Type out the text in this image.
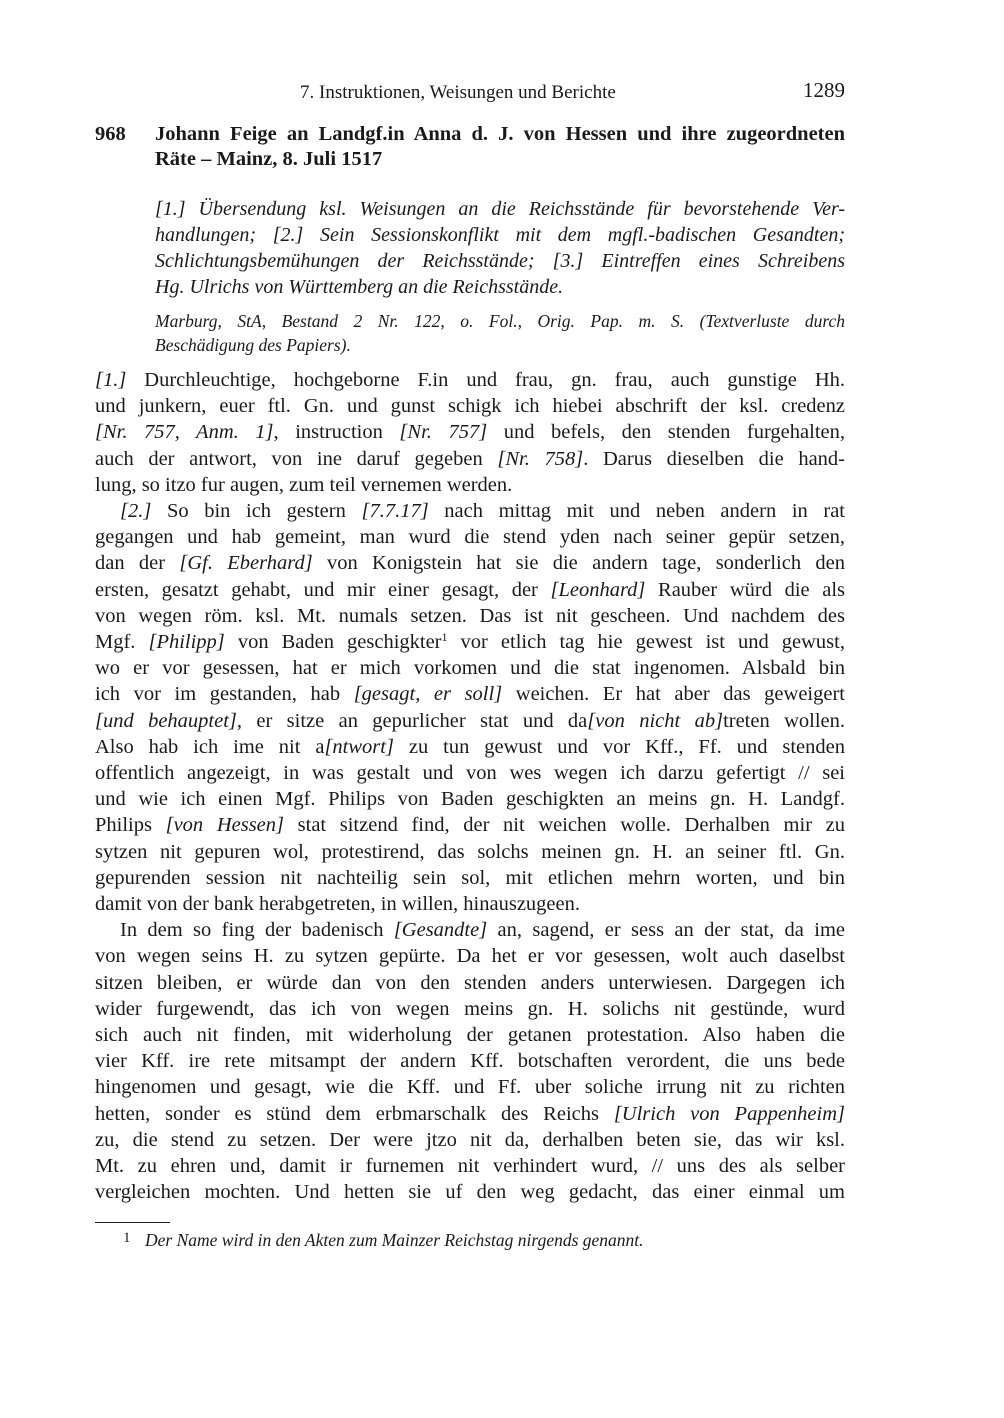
7. Instruktionen, Weisungen und Berichte	1289
968 Johann Feige an Landgf.in Anna d. J. von Hessen und ihre zugeordneten
Räte – Mainz, 8. Juli 1517
[1.] Übersendung ksl. Weisungen an die Reichsstände für bevorstehende Ver-
handlungen; [2.] Sein Sessionskonflikt mit dem mgfl.-badischen Gesandten;
Schlichtungsbemühungen der Reichsstände; [3.] Eintreffen eines Schreibens
Hg. Ulrichs von Württemberg an die Reichsstände.
Marburg, StA, Bestand 2 Nr. 122, o. Fol., Orig. Pap. m. S. (Textverluste durch
Beschädigung des Papiers).
[1.] Durchleuchtige, hochgeborne F.in und frau, gn. frau, auch gunstige Hh.
und junkern, euer ftl. Gn. und gunst schigk ich hiebei abschrift der ksl. credenz
[Nr. 757, Anm. 1], instruction [Nr. 757] und befels, den stenden furgehalten,
auch der antwort, von ine daruf gegeben [Nr. 758]. Darus dieselben die hand-
lung, so itzo fur augen, zum teil vernemen werden.
[2.] So bin ich gestern [7.7.17] nach mittag mit und neben andern in rat
gegangen und hab gemeint, man wurd die stend yden nach seiner gepür setzen,
dan der [Gf. Eberhard] von Konigstein hat sie die andern tage, sonderlich den
ersten, gesatzt gehabt, und mir einer gesagt, der [Leonhard] Rauber würd die als
von wegen röm. ksl. Mt. numals setzen. Das ist nit gescheen. Und nachdem des
Mgf. [Philipp] von Baden geschigkter$^1$ vor etlich tag hie gewest ist und gewust,
wo er vor gesessen, hat er mich vorkomen und die stat ingenomen. Alsbald bin
ich vor im gestanden, hab [gesagt, er soll] weichen. Er hat aber das geweigert
[und behauptet], er sitze an gepurlicher stat und da[von nicht ab]treten wollen.
Also hab ich ime nit a[ntwort] zu tun gewust und vor Kff., Ff. und stenden
offentlich angezeigt, in was gestalt und von wes wegen ich darzu gefertigt // sei
und wie ich einen Mgf. Philips von Baden geschigkten an meins gn. H. Landgf.
Philips [von Hessen] stat sitzend find, der nit weichen wolle. Derhalben mir zu
sytzen nit gepuren wol, protestirend, das solchs meinen gn. H. an seiner ftl. Gn.
gepurenden session nit nachteilig sein sol, mit etlichen mehrn worten, und bin
damit von der bank herabgetreten, in willen, hinauszugeen.
In dem so fing der badenisch [Gesandte] an, sagend, er sess an der stat, da ime
von wegen seins H. zu sytzen gepürte. Da het er vor gesessen, wolt auch daselbst
sitzen bleiben, er würde dan von den stenden anders unterwiesen. Dargegen ich
wider furgewendt, das ich von wegen meins gn. H. solichs nit gestünde, wurd
sich auch nit finden, mit widerholung der getanen protestation. Also haben die
vier Kff. ire rete mitsampt der andern Kff. botschaften verordent, die uns bede
hingenomen und gesagt, wie die Kff. und Ff. uber soliche irrung nit zu richten
hetten, sonder es stünd dem erbmarschalk des Reichs [Ulrich von Pappenheim]
zu, die stend zu setzen. Der were jtzo nit da, derhalben beten sie, das wir ksl.
Mt. zu ehren und, damit ir furnemen nit verhindert wurd, // uns des als selber
vergleichen mochten. Und hetten sie uf den weg gedacht, das einer einmal um
1 Der Name wird in den Akten zum Mainzer Reichstag nirgends genannt.
